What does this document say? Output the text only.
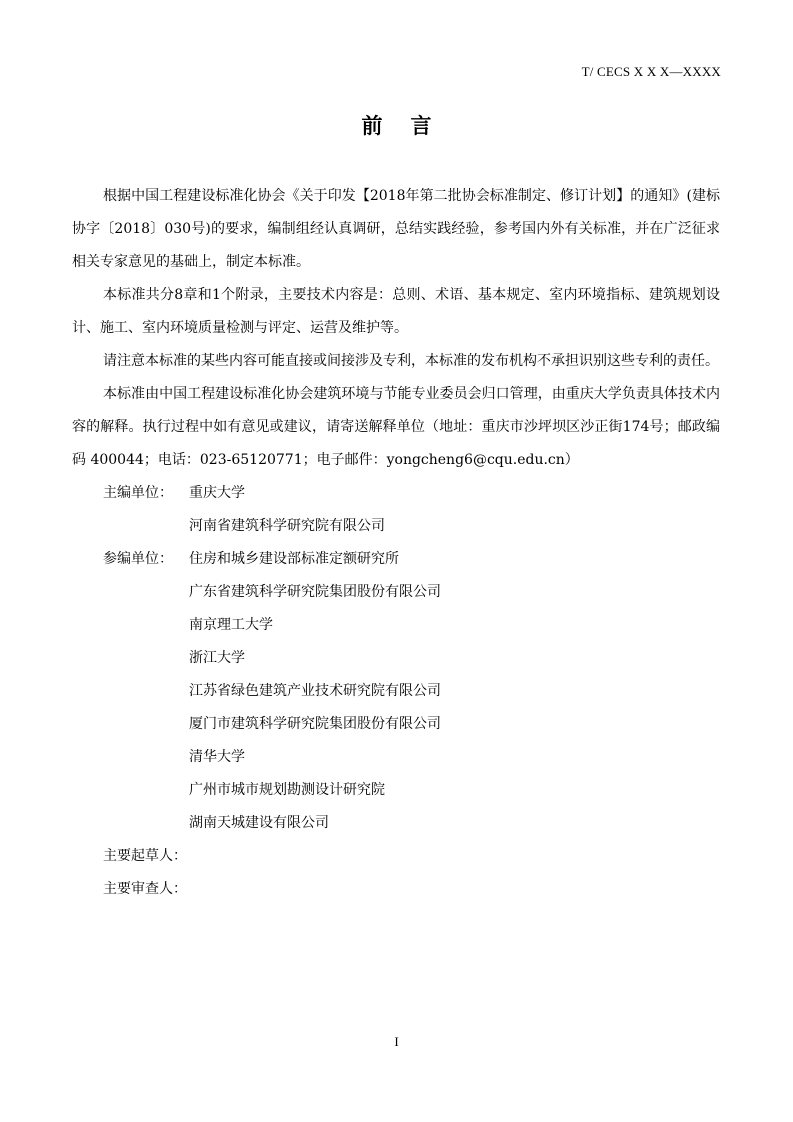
T/ CECS X X X—XXXX
前言

根据中国工程建设标准化协会《关于印发【2018年第二批协会标准制定、修订计划】的通知》(建标协字〔2018〕030号)的要求，编制组经认真调研，总结实践经验，参考国内外有关标准，并在广泛征求相关专家意见的基础上，制定本标准。

本标准共分8章和1个附录，主要技术内容是：总则、术语、基本规定、室内环境指标、建筑规划设计、施工、室内环境质量检测与评定、运营及维护等。

请注意本标准的某些内容可能直接或间接涉及专利，本标准的发布机构不承担识别这些专利的责任。

本标准由中国工程建设标准化协会建筑环境与节能专业委员会归口管理，由重庆大学负责具体技术内容的解释。执行过程中如有意见或建议，请寄送解释单位（地址：重庆市沙坪坝区沙正街174号；邮政编码 400044；电话：023-65120771；电子邮件：yongcheng6@cqu.edu.cn）

主编单位：	重庆大学
河南省建筑科学研究院有限公司
参编单位：	住房和城乡建设部标准定额研究所
广东省建筑科学研究院集团股份有限公司
南京理工大学
浙江大学
江苏省绿色建筑产业技术研究院有限公司
厦门市建筑科学研究院集团股份有限公司
清华大学
广州市城市规划勘测设计研究院
湖南天城建设有限公司

主要起草人：

主要审查人：

I
